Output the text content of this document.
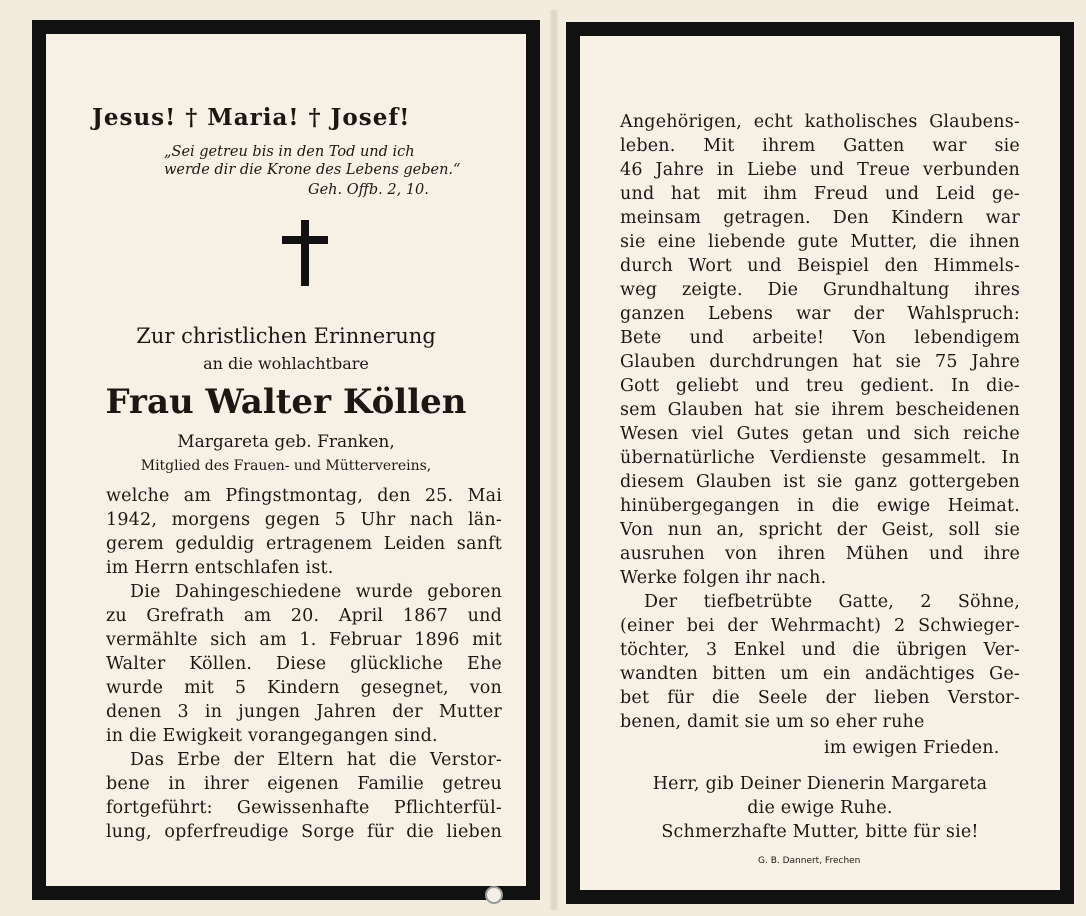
Jesus! † Maria! † Josef!
„Sei getreu bis in den Tod und ich
werde dir die Krone des Lebens geben.“
Geh. Offb. 2, 10.
Zur christlichen Erinnerung
an die wohlachtbare
Frau Walter Köllen
Margareta geb. Franken,
Mitglied des Frauen- und Müttervereins,
welche am Pfingstmontag, den 25. Mai
1942, morgens gegen 5 Uhr nach län-
gerem geduldig ertragenem Leiden sanft
im Herrn entschlafen ist.
Die Dahingeschiedene wurde geboren
zu Grefrath am 20. April 1867 und
vermählte sich am 1. Februar 1896 mit
Walter Köllen. Diese glückliche Ehe
wurde mit 5 Kindern gesegnet, von
denen 3 in jungen Jahren der Mutter
in die Ewigkeit vorangegangen sind.
Das Erbe der Eltern hat die Verstor-
bene in ihrer eigenen Familie getreu
fortgeführt: Gewissenhafte Pflichterfül-
lung, opferfreudige Sorge für die lieben
Angehörigen, echt katholisches Glaubens-
leben. Mit ihrem Gatten war sie
46 Jahre in Liebe und Treue verbunden
und hat mit ihm Freud und Leid ge-
meinsam getragen. Den Kindern war
sie eine liebende gute Mutter, die ihnen
durch Wort und Beispiel den Himmels-
weg zeigte. Die Grundhaltung ihres
ganzen Lebens war der Wahlspruch:
Bete und arbeite! Von lebendigem
Glauben durchdrungen hat sie 75 Jahre
Gott geliebt und treu gedient. In die-
sem Glauben hat sie ihrem bescheidenen
Wesen viel Gutes getan und sich reiche
übernatürliche Verdienste gesammelt. In
diesem Glauben ist sie ganz gottergeben
hinübergegangen in die ewige Heimat.
Von nun an, spricht der Geist, soll sie
ausruhen von ihren Mühen und ihre
Werke folgen ihr nach.
Der tiefbetrübte Gatte, 2 Söhne,
(einer bei der Wehrmacht) 2 Schwieger-
töchter, 3 Enkel und die übrigen Ver-
wandten bitten um ein andächtiges Ge-
bet für die Seele der lieben Verstor-
benen, damit sie um so eher ruhe
im ewigen Frieden.
Herr, gib Deiner Dienerin Margareta
die ewige Ruhe.
Schmerzhafte Mutter, bitte für sie!
G. B. Dannert, Frechen
